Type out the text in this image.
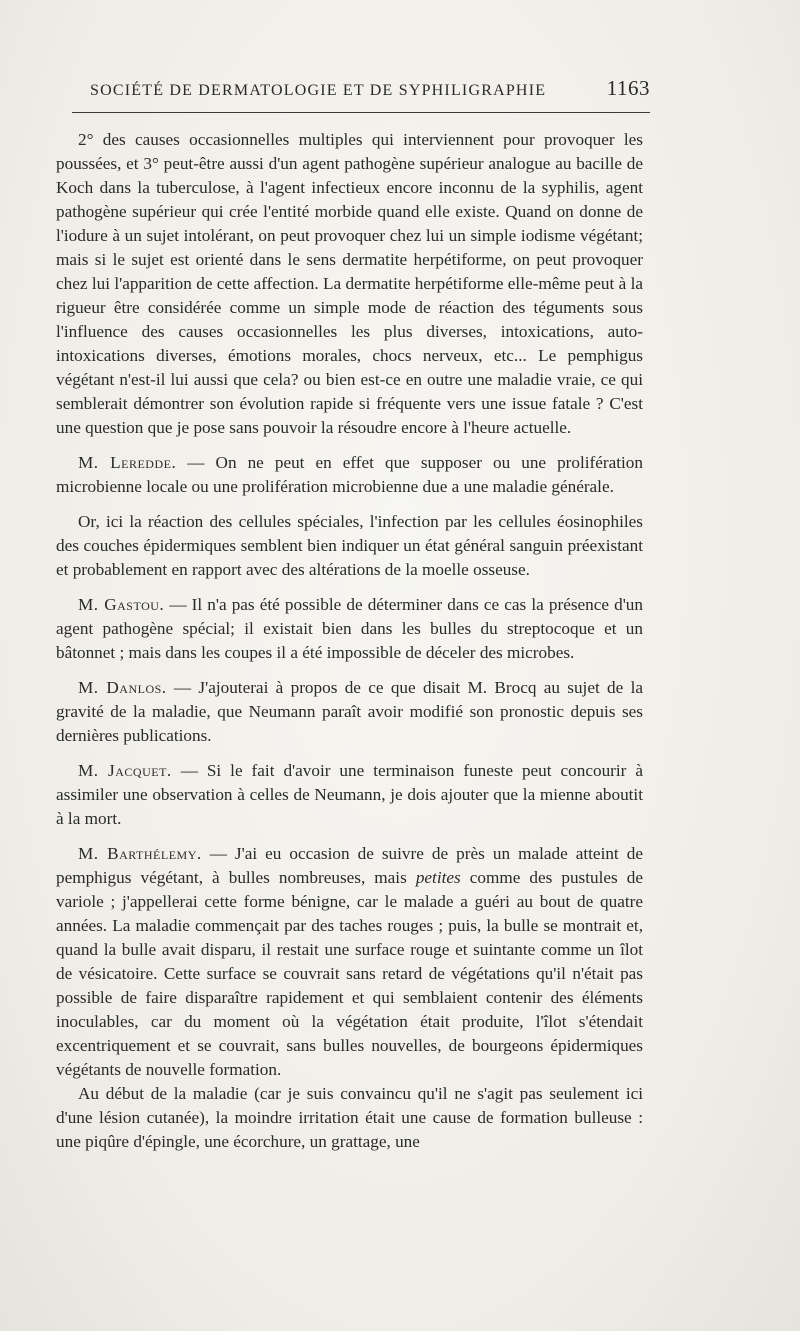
SOCIÉTÉ DE DERMATOLOGIE ET DE SYPHILIGRAPHIE	1163

2° des causes occasionnelles multiples qui interviennent pour provoquer les poussées, et 3° peut-être aussi d'un agent pathogène supérieur analogue au bacille de Koch dans la tuberculose, à l'agent infectieux encore inconnu de la syphilis, agent pathogène supérieur qui crée l'entité morbide quand elle existe. Quand on donne de l'iodure à un sujet intolérant, on peut provoquer chez lui un simple iodisme végétant; mais si le sujet est orienté dans le sens dermatite herpétiforme, on peut provoquer chez lui l'apparition de cette affection. La dermatite herpétiforme elle-même peut à la rigueur être considérée comme un simple mode de réaction des téguments sous l'influence des causes occasionnelles les plus diverses, intoxications, auto-intoxications diverses, émotions morales, chocs nerveux, etc... Le pemphigus végétant n'est-il lui aussi que cela? ou bien est-ce en outre une maladie vraie, ce qui semblerait démontrer son évolution rapide si fréquente vers une issue fatale ? C'est une question que je pose sans pouvoir la résoudre encore à l'heure actuelle.

M. Leredde. — On ne peut en effet que supposer ou une prolifération microbienne locale ou une prolifération microbienne due a une maladie générale.

Or, ici la réaction des cellules spéciales, l'infection par les cellules éosinophiles des couches épidermiques semblent bien indiquer un état général sanguin préexistant et probablement en rapport avec des altérations de la moelle osseuse.

M. Gastou. — Il n'a pas été possible de déterminer dans ce cas la présence d'un agent pathogène spécial; il existait bien dans les bulles du streptocoque et un bâtonnet ; mais dans les coupes il a été impossible de déceler des microbes.

M. Danlos. — J'ajouterai à propos de ce que disait M. Brocq au sujet de la gravité de la maladie, que Neumann paraît avoir modifié son pronostic depuis ses dernières publications.

M. Jacquet. — Si le fait d'avoir une terminaison funeste peut concourir à assimiler une observation à celles de Neumann, je dois ajouter que la mienne aboutit à la mort.

M. Barthélemy. — J'ai eu occasion de suivre de près un malade atteint de pemphigus végétant, à bulles nombreuses, mais petites comme des pustules de variole ; j'appellerai cette forme bénigne, car le malade a guéri au bout de quatre années. La maladie commençait par des taches rouges ; puis, la bulle se montrait et, quand la bulle avait disparu, il restait une surface rouge et suintante comme un îlot de vésicatoire. Cette surface se couvrait sans retard de végétations qu'il n'était pas possible de faire disparaître rapidement et qui semblaient contenir des éléments inoculables, car du moment où la végétation était produite, l'îlot s'étendait excentriquement et se couvrait, sans bulles nouvelles, de bourgeons épidermiques végétants de nouvelle formation.

Au début de la maladie (car je suis convaincu qu'il ne s'agit pas seulement ici d'une lésion cutanée), la moindre irritation était une cause de formation bulleuse : une piqûre d'épingle, une écorchure, un grattage, une
